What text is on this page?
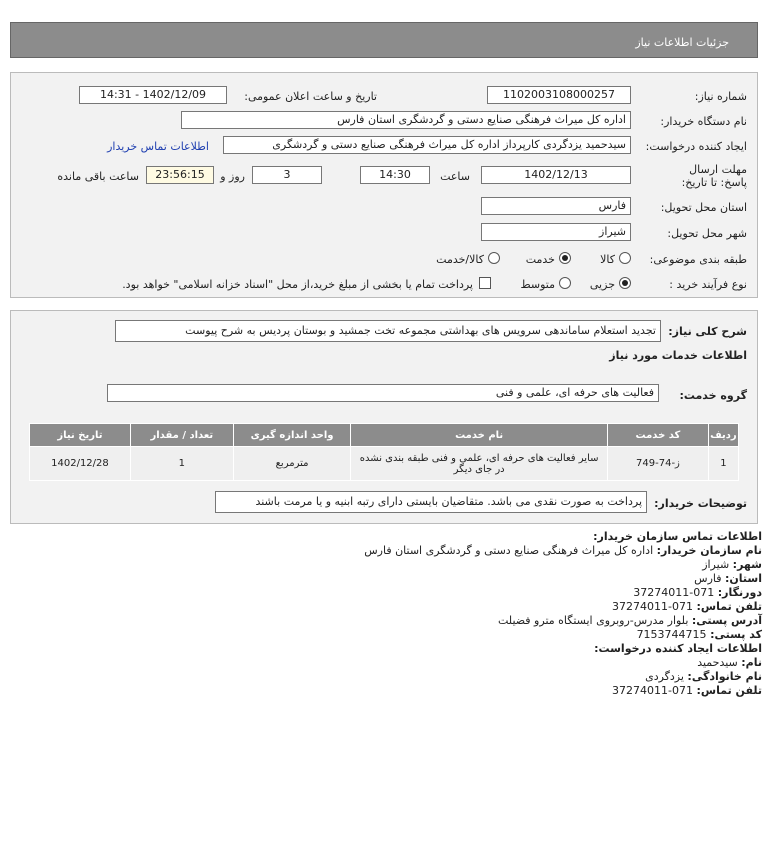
جزئیات اطلاعات نیاز
شماره نیاز:
1102003108000257
تاریخ و ساعت اعلان عمومی:
1402/12/09 - 14:31
نام دستگاه خریدار:
اداره کل میراث فرهنگی صنایع دستی و گردشگری استان فارس
ایجاد کننده درخواست:
سیدحمید یزدگردی کارپرداز اداره کل میراث فرهنگی صنایع دستی و گردشگری
اطلاعات تماس خریدار
مهلت ارسال پاسخ: تا تاریخ:
1402/12/13
ساعت
14:30
3
روز و
23:56:15
ساعت باقی مانده
استان محل تحویل:
فارس
شهر محل تحویل:
شیراز
طبقه بندی موضوعی:
کالا
خدمت
کالا/خدمت
نوع فرآیند خرید :
جزیی
متوسط
پرداخت تمام یا بخشی از مبلغ خرید،از محل "اسناد خزانه اسلامی" خواهد بود.
شرح کلی نیاز:
تجدید استعلام ساماندهی سرویس های بهداشتی مجموعه تخت جمشید و بوستان پردیس به شرح پیوست
اطلاعات خدمات مورد نیاز
گروه خدمت:
فعالیت های حرفه ای، علمی و فنی
ردیف	کد خدمت	نام خدمت	واحد اندازه گیری	تعداد / مقدار	تاریخ نیاز
1	ز-74-749	سایر فعالیت های حرفه ای، علمی و فنی طبقه بندی نشده در جای دیگر	مترمربع	1	1402/12/28
توضیحات خریدار:
پرداخت به صورت نقدی می باشد. متقاضیان بایستی دارای رتبه ابنیه و یا مرمت باشند
اطلاعات تماس سازمان خریدار:
نام سازمان خریدار: اداره کل میراث فرهنگی صنایع دستی و گردشگری استان فارس
شهر: شیراز
استان: فارس
دورنگار: 071-37274011
تلفن تماس: 071-37274011
آدرس پستی: بلوار مدرس-روبروی ایستگاه مترو فضیلت
کد پستی: 7153744715
اطلاعات ایجاد کننده درخواست:
نام: سیدحمید
نام خانوادگی: یزدگردی
تلفن تماس: 071-37274011
